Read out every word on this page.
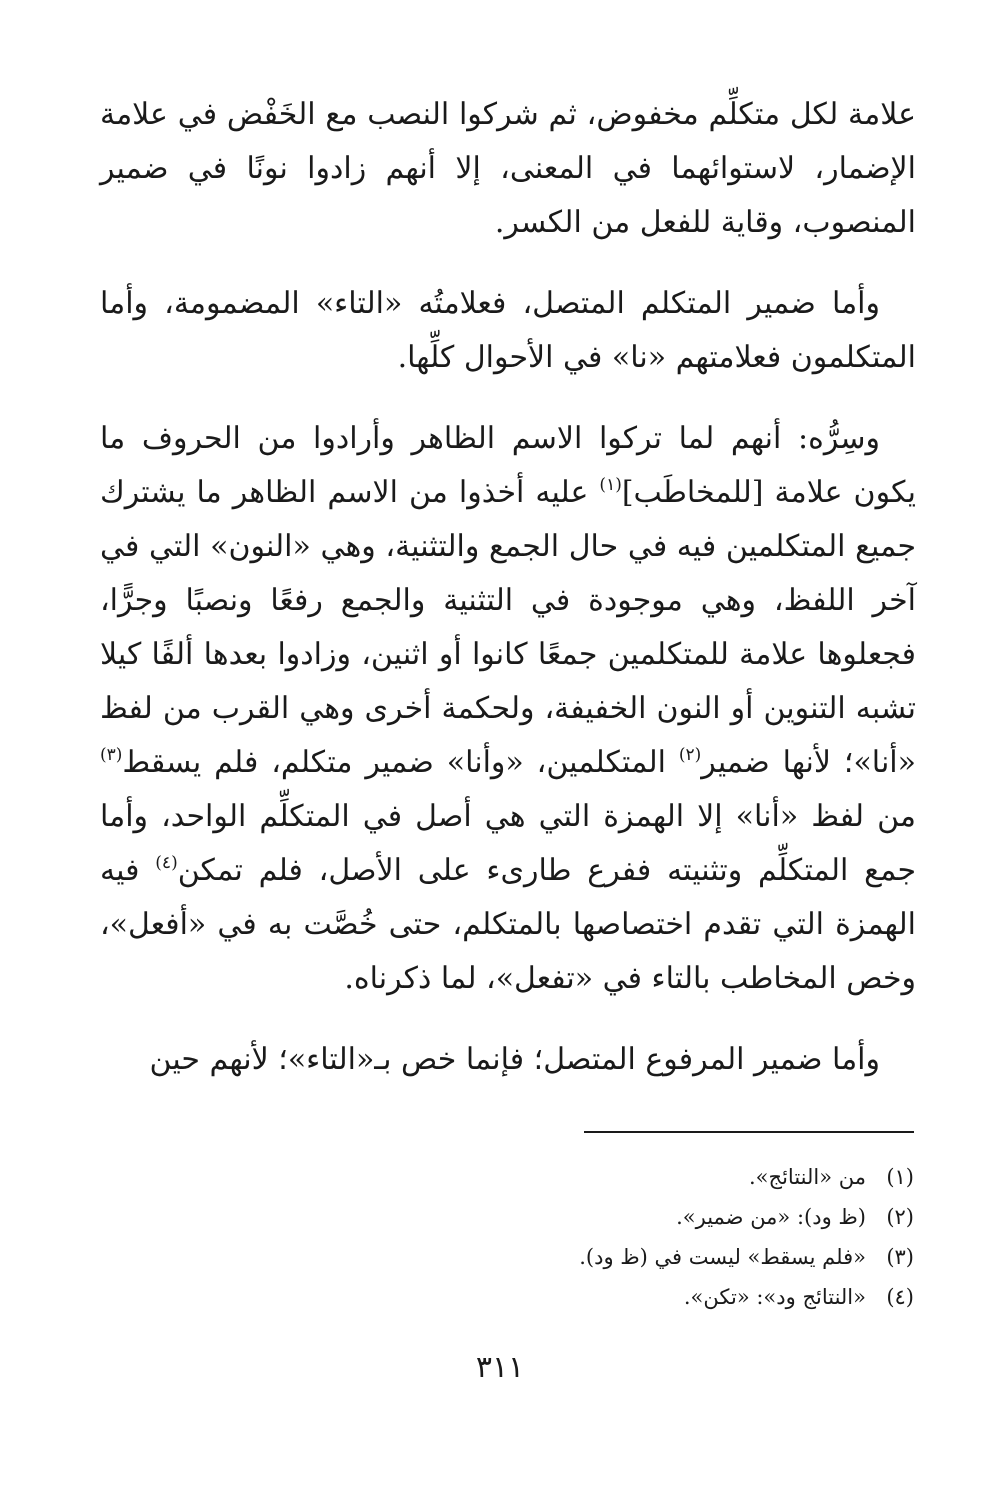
علامة لكل متكلِّم مخفوض، ثم شركوا النصب مع الخَفْض في علامة الإضمار، لاستوائهما في المعنى، إلا أنهم زادوا نونًا في ضمير المنصوب، وقاية للفعل من الكسر.

وأما ضمير المتكلم المتصل، فعلامتُه «التاء» المضمومة، وأما المتكلمون فعلامتهم «نا» في الأحوال كلِّها.

وسِرُّه: أنهم لما تركوا الاسم الظاهر وأرادوا من الحروف ما يكون علامة [للمخاطَب]$^{(١)}$ عليه أخذوا من الاسم الظاهر ما يشترك جميع المتكلمين فيه في حال الجمع والتثنية، وهي «النون» التي في آخر اللفظ، وهي موجودة في التثنية والجمع رفعًا ونصبًا وجرًّا، فجعلوها علامة للمتكلمين جمعًا كانوا أو اثنين، وزادوا بعدها ألفًا كيلا تشبه التنوين أو النون الخفيفة، ولحكمة أخرى وهي القرب من لفظ «أنا»؛ لأنها ضمير$^{(٢)}$ المتكلمين، «وأنا» ضمير متكلم، فلم يسقط$^{(٣)}$ من لفظ «أنا» إلا الهمزة التي هي أصل في المتكلِّم الواحد، وأما جمع المتكلِّم وتثنيته ففرع طارىء على الأصل، فلم تمكن$^{(٤)}$ فيه الهمزة التي تقدم اختصاصها بالمتكلم، حتى خُصَّت به في «أفعل»، وخص المخاطب بالتاء في «تفعل»، لما ذكرناه.

وأما ضمير المرفوع المتصل؛ فإنما خص بـ«التاء»؛ لأنهم حين

(١)من «النتائج».
(٢)(ظ ود): «من ضمير».
(٣)«فلم يسقط» ليست في (ظ ود).
(٤)«النتائج ود»: «تكن».
٣١١
